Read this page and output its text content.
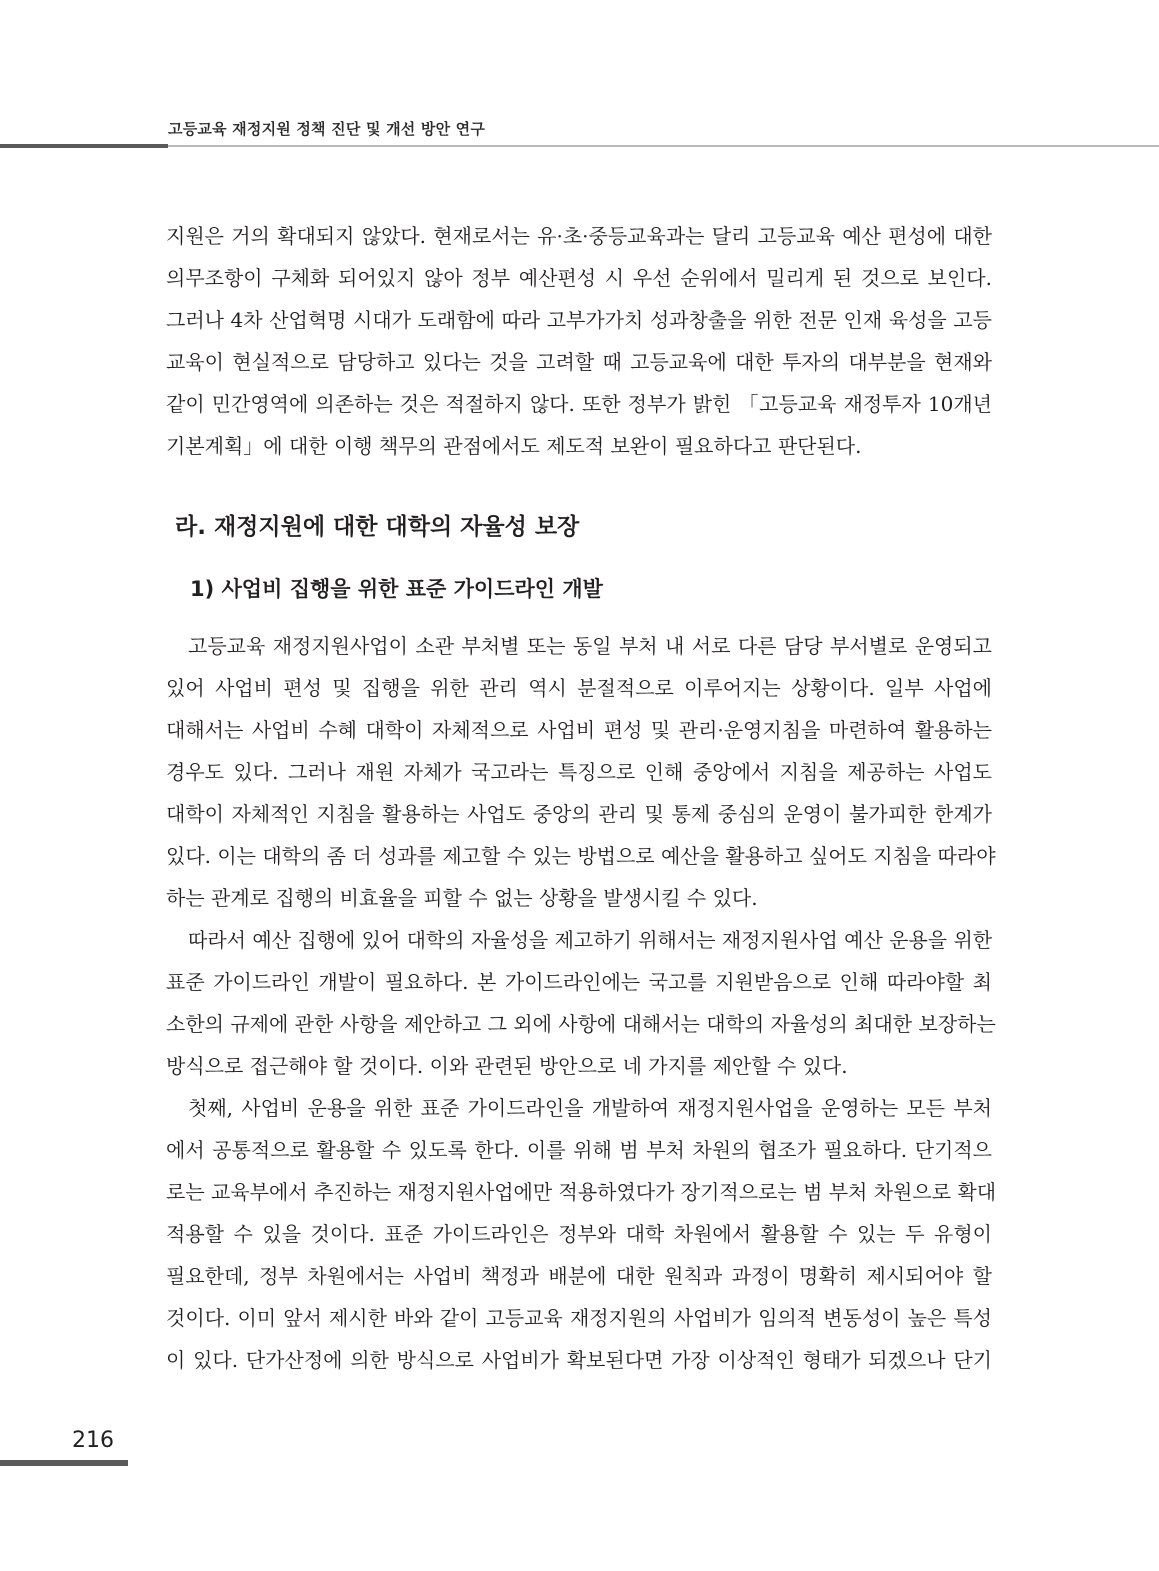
고등교육 재정지원 정책 진단 및 개선 방안 연구
지원은 거의 확대되지 않았다. 현재로서는 유·초·중등교육과는 달리 고등교육 예산 편성에 대한
의무조항이 구체화 되어있지 않아 정부 예산편성 시 우선 순위에서 밀리게 된 것으로 보인다.
그러나 4차 산업혁명 시대가 도래함에 따라 고부가가치 성과창출을 위한 전문 인재 육성을 고등
교육이 현실적으로 담당하고 있다는 것을 고려할 때 고등교육에 대한 투자의 대부분을 현재와
같이 민간영역에 의존하는 것은 적절하지 않다. 또한 정부가 밝힌 「고등교육 재정투자 10개년
기본계획」에 대한 이행 책무의 관점에서도 제도적 보완이 필요하다고 판단된다.
라. 재정지원에 대한 대학의 자율성 보장
1) 사업비 집행을 위한 표준 가이드라인 개발
고등교육 재정지원사업이 소관 부처별 또는 동일 부처 내 서로 다른 담당 부서별로 운영되고
있어 사업비 편성 및 집행을 위한 관리 역시 분절적으로 이루어지는 상황이다. 일부 사업에
대해서는 사업비 수혜 대학이 자체적으로 사업비 편성 및 관리·운영지침을 마련하여 활용하는
경우도 있다. 그러나 재원 자체가 국고라는 특징으로 인해 중앙에서 지침을 제공하는 사업도
대학이 자체적인 지침을 활용하는 사업도 중앙의 관리 및 통제 중심의 운영이 불가피한 한계가
있다. 이는 대학의 좀 더 성과를 제고할 수 있는 방법으로 예산을 활용하고 싶어도 지침을 따라야
하는 관계로 집행의 비효율을 피할 수 없는 상황을 발생시킬 수 있다.
따라서 예산 집행에 있어 대학의 자율성을 제고하기 위해서는 재정지원사업 예산 운용을 위한
표준 가이드라인 개발이 필요하다. 본 가이드라인에는 국고를 지원받음으로 인해 따라야할 최
소한의 규제에 관한 사항을 제안하고 그 외에 사항에 대해서는 대학의 자율성의 최대한 보장하는
방식으로 접근해야 할 것이다. 이와 관련된 방안으로 네 가지를 제안할 수 있다.
첫째, 사업비 운용을 위한 표준 가이드라인을 개발하여 재정지원사업을 운영하는 모든 부처
에서 공통적으로 활용할 수 있도록 한다. 이를 위해 범 부처 차원의 협조가 필요하다. 단기적으
로는 교육부에서 추진하는 재정지원사업에만 적용하였다가 장기적으로는 범 부처 차원으로 확대
적용할 수 있을 것이다. 표준 가이드라인은 정부와 대학 차원에서 활용할 수 있는 두 유형이
필요한데, 정부 차원에서는 사업비 책정과 배분에 대한 원칙과 과정이 명확히 제시되어야 할
것이다. 이미 앞서 제시한 바와 같이 고등교육 재정지원의 사업비가 임의적 변동성이 높은 특성
이 있다. 단가산정에 의한 방식으로 사업비가 확보된다면 가장 이상적인 형태가 되겠으나 단기
216
